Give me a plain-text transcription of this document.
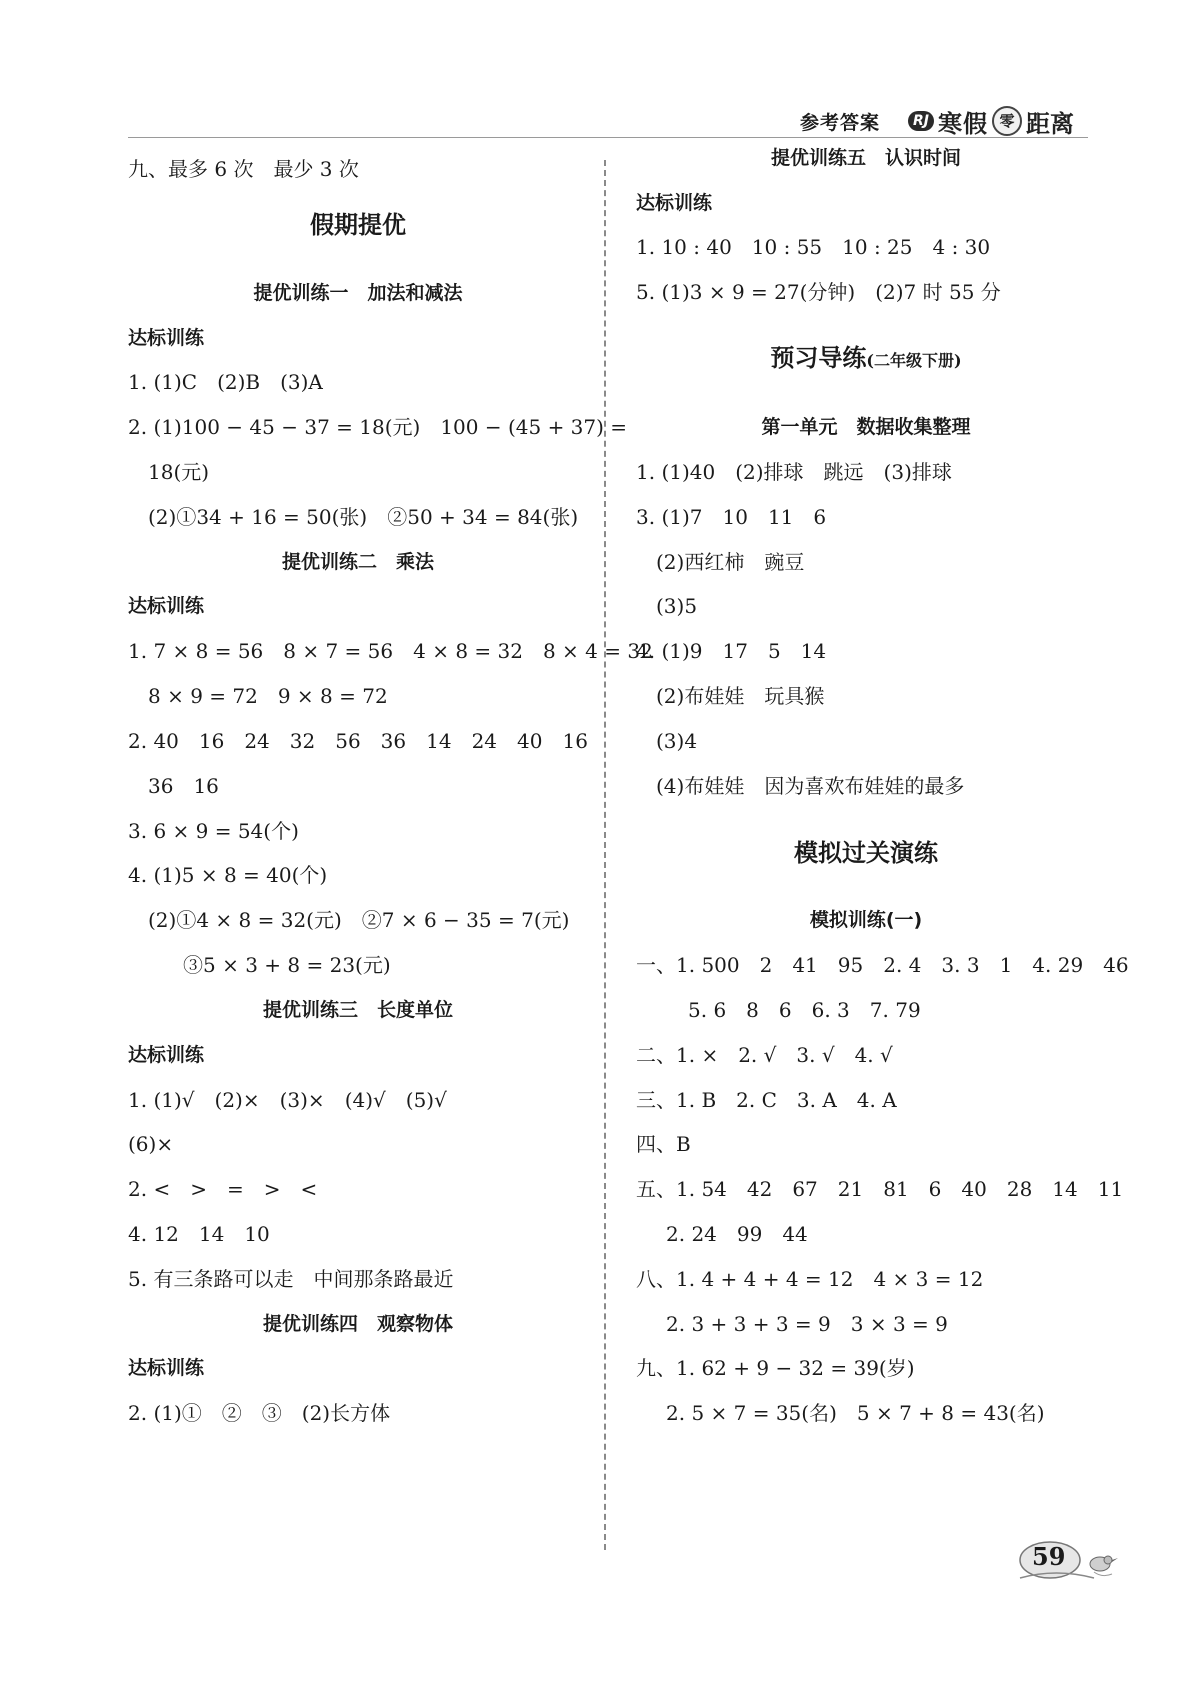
参考答案	RJ 寒假 零 距离
九、最多 6 次　最少 3 次
假期提优
提优训练一　加法和减法
达标训练
1. (1)C　(2)B　(3)A
2. (1)100 − 45 − 37 = 18(元)　100 − (45 + 37) =
18(元)
(2)①34 + 16 = 50(张)　②50 + 34 = 84(张)
提优训练二　乘法
达标训练
1. 7 × 8 = 56　8 × 7 = 56　4 × 8 = 32　8 × 4 = 32
8 × 9 = 72　9 × 8 = 72
2. 40　16　24　32　56　36　14　24　40　16
36　16
3. 6 × 9 = 54(个)
4. (1)5 × 8 = 40(个)
(2)①4 × 8 = 32(元)　②7 × 6 − 35 = 7(元)
③5 × 3 + 8 = 23(元)
提优训练三　长度单位
达标训练
1. (1)√　(2)×　(3)×　(4)√　(5)√
(6)×
2. <　>　=　>　<
4. 12　14　10
5. 有三条路可以走　中间那条路最近
提优训练四　观察物体
达标训练
2. (1)①　②　③　(2)长方体
提优训练五　认识时间
达标训练
1. 10 : 40　10 : 55　10 : 25　4 : 30
5. (1)3 × 9 = 27(分钟)　(2)7 时 55 分
预习导练(二年级下册)
第一单元　数据收集整理
1. (1)40　(2)排球　跳远　(3)排球
3. (1)7　10　11　6
(2)西红柿　豌豆
(3)5
4. (1)9　17　5　14
(2)布娃娃　玩具猴
(3)4
(4)布娃娃　因为喜欢布娃娃的最多
模拟过关演练
模拟训练(一)
一、1. 500　2　41　95　2. 4　3. 3　1　4. 29　46
5. 6　8　6　6. 3　7. 79
二、1. ×　2. √　3. √　4. √
三、1. B　2. C　3. A　4. A
四、B
五、1. 54　42　67　21　81　6　40　28　14　11
2. 24　99　44
八、1. 4 + 4 + 4 = 12　4 × 3 = 12
2. 3 + 3 + 3 = 9　3 × 3 = 9
九、1. 62 + 9 − 32 = 39(岁)
2. 5 × 7 = 35(名)　5 × 7 + 8 = 43(名)
59
